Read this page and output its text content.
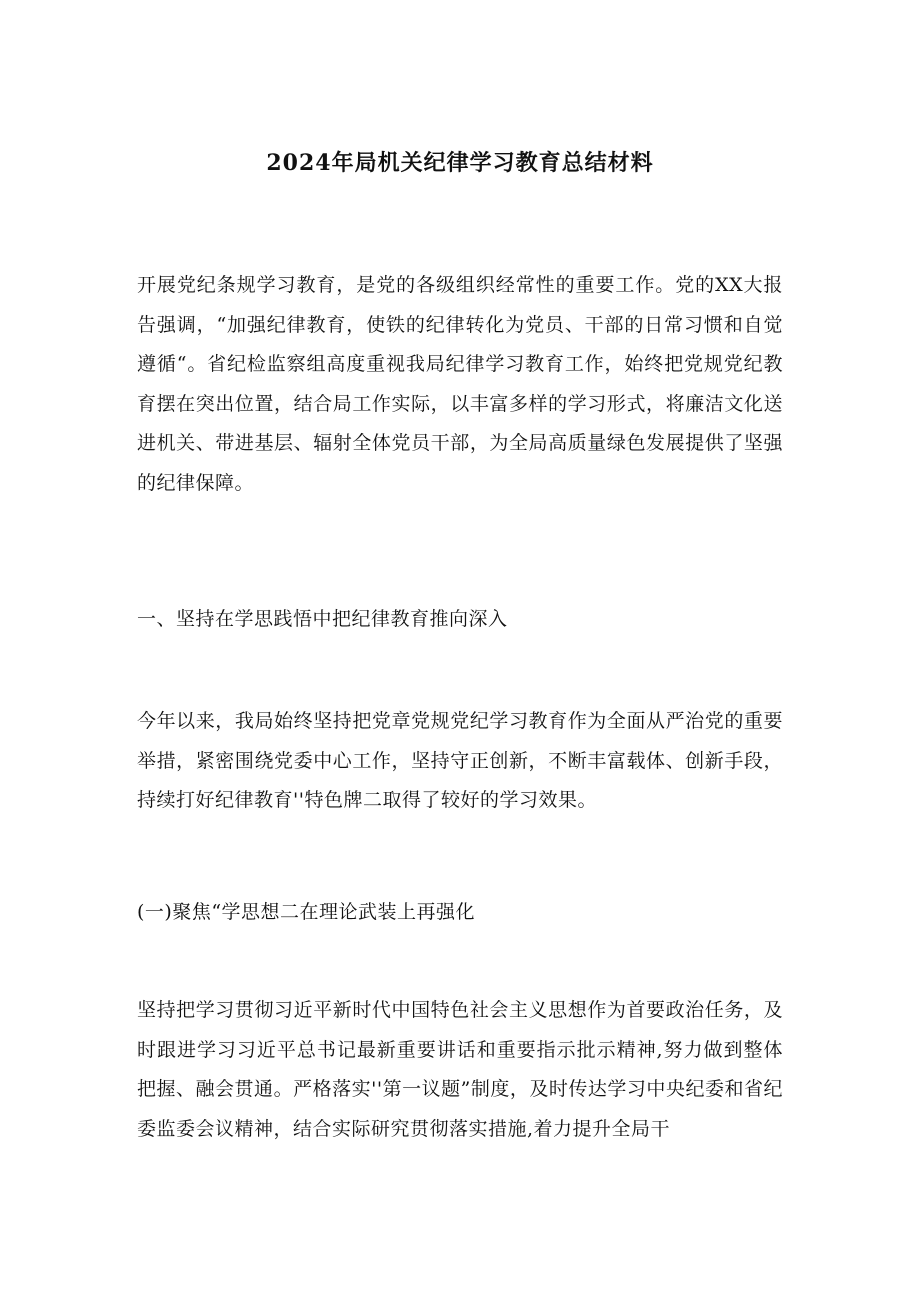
2024年局机关纪律学习教育总结材料

开展党纪条规学习教育，是党的各级组织经常性的重要工作。党的XX大报告强调，“加强纪律教育，使铁的纪律转化为党员、干部的日常习惯和自觉遵循“。省纪检监察组高度重视我局纪律学习教育工作，始终把党规党纪教育摆在突出位置，结合局工作实际，以丰富多样的学习形式，将廉洁文化送进机关、带进基层、辐射全体党员干部，为全局高质量绿色发展提供了坚强的纪律保障。

一、坚持在学思践悟中把纪律教育推向深入

今年以来，我局始终坚持把党章党规党纪学习教育作为全面从严治党的重要举措，紧密围绕党委中心工作，坚持守正创新，不断丰富载体、创新手段，持续打好纪律教育''特色牌二取得了较好的学习效果。

(一)聚焦“学思想二在理论武装上再强化

坚持把学习贯彻习近平新时代中国特色社会主义思想作为首要政治任务，及时跟进学习习近平总书记最新重要讲话和重要指示批示精神,努力做到整体把握、融会贯通。严格落实''第一议题”制度，及时传达学习中央纪委和省纪委监委会议精神，结合实际研究贯彻落实措施,着力提升全局干
